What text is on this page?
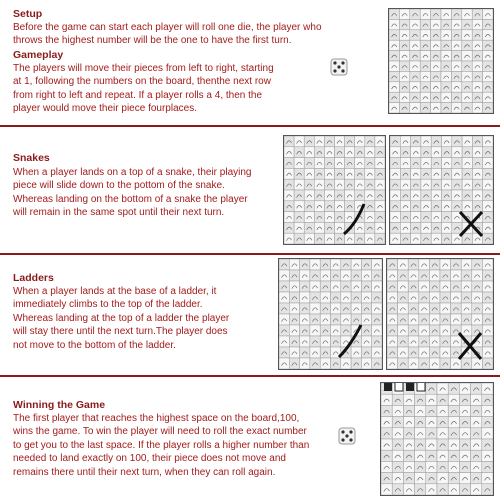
Setup
Before the game can start each player will roll one die, the player who
throws the highest number will be the one to have the first turn.
Gameplay
The players will move their pieces from left to right, starting
at 1, following the numbers on the board, thenthe next row
from right to left and repeat. If a player rolls a 4, then the
player would move their piece fourplaces.
Snakes
When a player lands on a top of a snake, their playing
piece will slide down to the pottom of the snake.
Whereas landing on the bottom of a snake the player
will remain in the same spot until their next turn.
Ladders
When a player lands at the base of a ladder, it
immediately climbs to the top of the ladder.
Whereas landing at the top of a ladder the player
will stay there until the next turn.The player does
not move to the bottom of the ladder.
Winning the Game
The first player that reaches the highest space on the board,100,
wins the game. To win the player will need to roll the exact number
to get you to the last space. If the player rolls a higher number than
needed to land exactly on 100, their piece does not move and
remains there until their next turn, when they can roll again.
